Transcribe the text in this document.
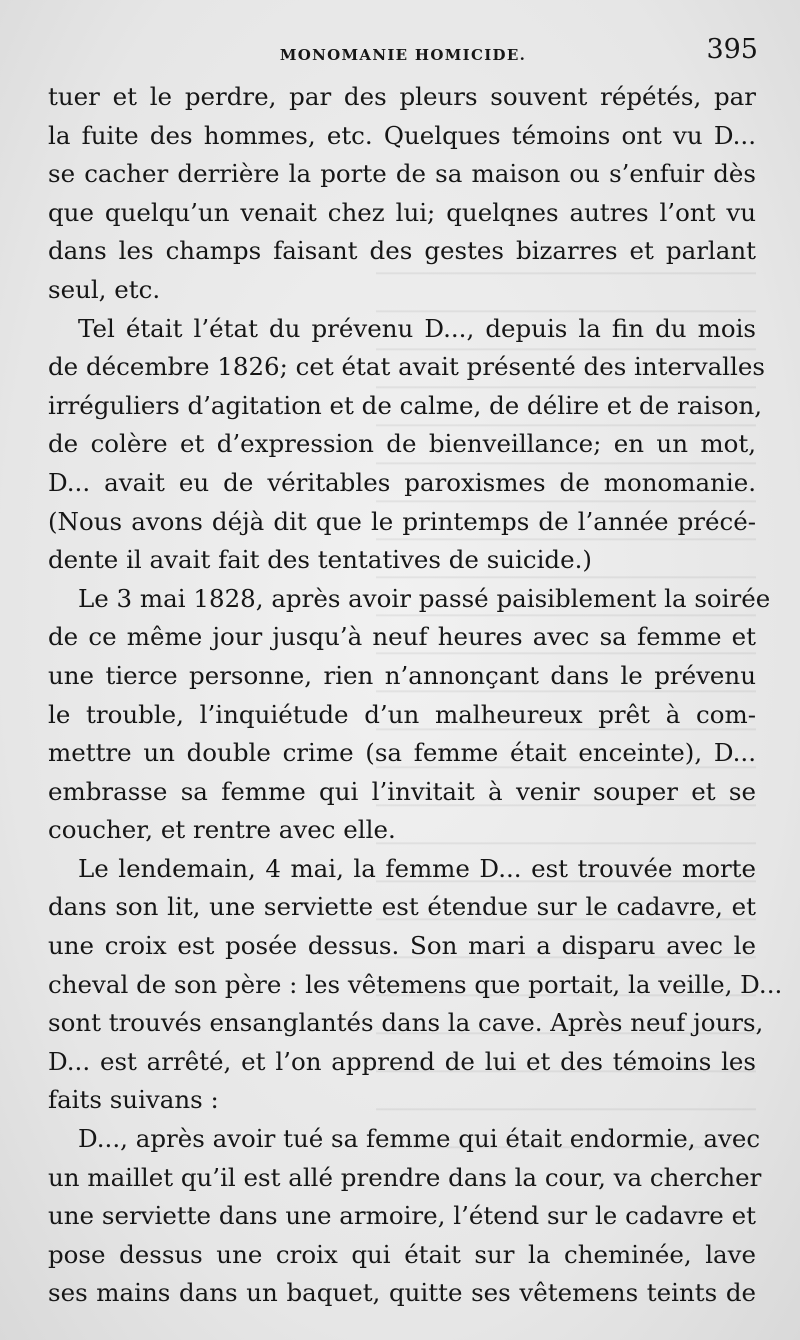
MONOMANIE HOMICIDE.	395
tuer et le perdre, par des pleurs souvent répétés, par
la fuite des hommes, etc. Quelques témoins ont vu D...
se cacher derrière la porte de sa maison ou s’enfuir dès
que quelqu’un venait chez lui; quelqnes autres l’ont vu
dans les champs faisant des gestes bizarres et parlant
seul, etc.
Tel était l’état du prévenu D..., depuis la fin du mois
de décembre 1826; cet état avait présenté des intervalles
irréguliers d’agitation et de calme, de délire et de raison,
de colère et d’expression de bienveillance; en un mot,
D... avait eu de véritables paroxismes de monomanie.
(Nous avons déjà dit que le printemps de l’année précé-
dente il avait fait des tentatives de suicide.)
Le 3 mai 1828, après avoir passé paisiblement la soirée
de ce même jour jusqu’à neuf heures avec sa femme et
une tierce personne, rien n’annonçant dans le prévenu
le trouble, l’inquiétude d’un malheureux prêt à com-
mettre un double crime (sa femme était enceinte), D...
embrasse sa femme qui l’invitait à venir souper et se
coucher, et rentre avec elle.
Le lendemain, 4 mai, la femme D... est trouvée morte
dans son lit, une serviette est étendue sur le cadavre, et
une croix est posée dessus. Son mari a disparu avec le
cheval de son père : les vêtemens que portait, la veille, D...
sont trouvés ensanglantés dans la cave. Après neuf jours,
D... est arrêté, et l’on apprend de lui et des témoins les
faits suivans :
D..., après avoir tué sa femme qui était endormie, avec
un maillet qu’il est allé prendre dans la cour, va chercher
une serviette dans une armoire, l’étend sur le cadavre et
pose dessus une croix qui était sur la cheminée, lave
ses mains dans un baquet, quitte ses vêtemens teints de
